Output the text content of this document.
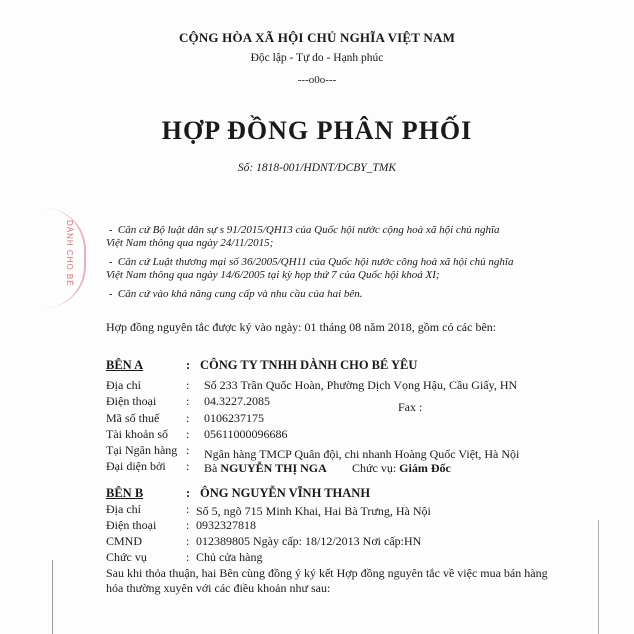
DÀNH CHO BÉ
CỘNG HÒA XÃ HỘI CHỦ NGHĨA VIỆT NAM
Độc lập - Tự do - Hạnh phúc
---o0o---
HỢP ĐỒNG PHÂN PHỐI
Số: 1818-001/HDNT/DCBY_TMK
- Căn cứ Bộ luật dân sự s 91/2015/QH13 của Quốc hội nước cộng hoà xã hội chủ nghĩa
Việt Nam thông qua ngày 24/11/2015;
- Căn cứ Luật thương mại số 36/2005/QH11 của Quốc hội nước công hoà xã hội chủ nghĩa
Việt Nam thông qua ngày 14/6/2005 tại kỳ họp thứ 7 của Quốc hội khoá XI;
- Căn cứ vào khả năng cung cấp và nhu cầu của hai bên.
Hợp đồng nguyên tắc được ký vào ngày: 01 tháng 08 năm 2018, gồm có các bên:
BÊN A	: CÔNG TY TNHH DÀNH CHO BÉ YÊU
Địa chỉ	: Số 233 Trần Quốc Hoàn, Phường Dịch Vọng Hậu, Cầu Giấy, HN
Điện thoại : 04.3227.2085	Fax :
Mã số thuế : 0106237175
Tài khoản số : 05611000096686
Tại Ngân hàng : Ngân hàng TMCP Quân đội, chi nhanh Hoàng Quốc Việt, Hà Nội
Đại diện bởi : Bà NGUYỄN THỊ NGA Chức vụ: Giám Đốc
BÊN B	: ÔNG NGUYỄN VĨNH THANH
Địa chỉ	: Số 5, ngõ 715 Minh Khai, Hai Bà Trưng, Hà Nội
Điện thoại : 0932327818
CMND	: 012389805 Ngày cấp: 18/12/2013 Nơi cấp:HN
Chức vụ	: Chủ cửa hàng
Sau khi thỏa thuận, hai Bên cùng đồng ý ký kết Hợp đồng nguyên tắc về việc mua bán hàng
hóa thường xuyên với các điều khoản như sau:
